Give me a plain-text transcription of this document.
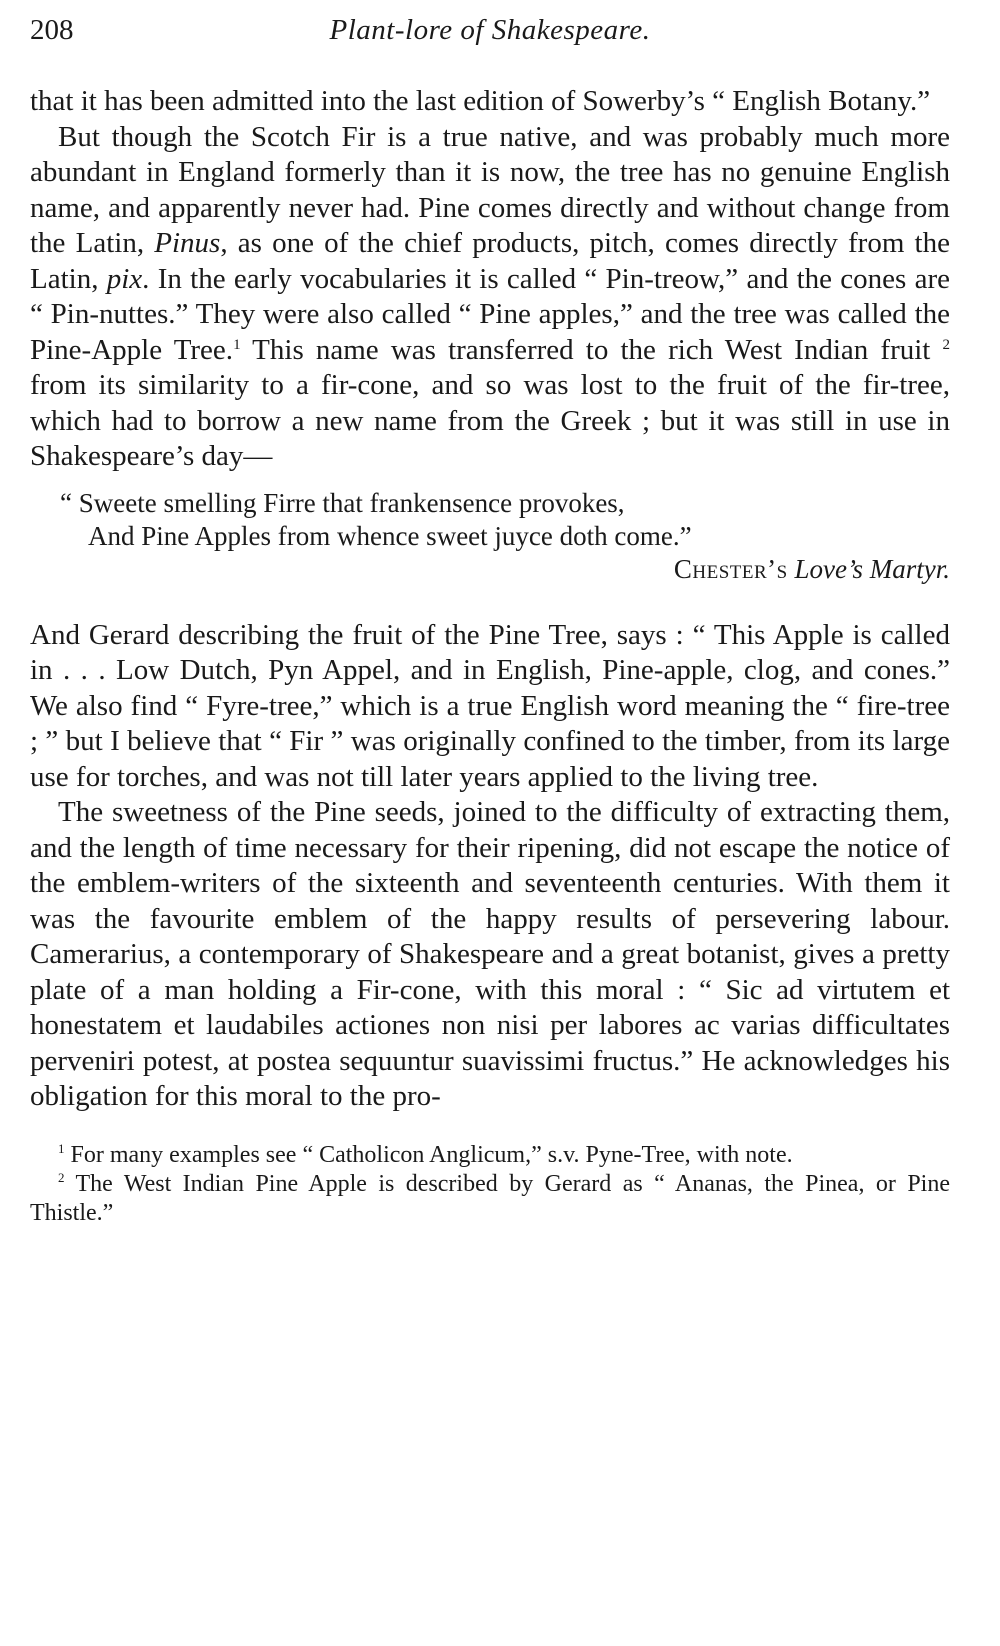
208	Plant-lore of Shakespeare.

that it has been admitted into the last edition of Sowerby’s “ English Botany.”

But though the Scotch Fir is a true native, and was probably much more abundant in England formerly than it is now, the tree has no genuine English name, and apparently never had. Pine comes directly and without change from the Latin, Pinus, as one of the chief products, pitch, comes directly from the Latin, pix. In the early vocabularies it is called “ Pin-treow,” and the cones are “ Pin-nuttes.” They were also called “ Pine apples,” and the tree was called the Pine-Apple Tree.$^1$ This name was transferred to the rich West Indian fruit $^2$ from its similarity to a fir-cone, and so was lost to the fruit of the fir-tree, which had to borrow a new name from the Greek ; but it was still in use in Shakespeare’s day—

“ Sweete smelling Firre that frankensence provokes,
And Pine Apples from whence sweet juyce doth come.”
Chester’s Love’s Martyr.

And Gerard describing the fruit of the Pine Tree, says : “ This Apple is called in . . . Low Dutch, Pyn Appel, and in English, Pine-apple, clog, and cones.” We also find “ Fyre-tree,” which is a true English word meaning the “ fire-tree ; ” but I believe that “ Fir ” was originally confined to the timber, from its large use for torches, and was not till later years applied to the living tree.

The sweetness of the Pine seeds, joined to the difficulty of extracting them, and the length of time necessary for their ripening, did not escape the notice of the emblem-writers of the sixteenth and seventeenth centuries. With them it was the favourite emblem of the happy results of persevering labour. Camerarius, a contemporary of Shakespeare and a great botanist, gives a pretty plate of a man holding a Fir-cone, with this moral : “ Sic ad virtutem et honestatem et laudabiles actiones non nisi per labores ac varias difficultates perveniri potest, at postea sequuntur suavissimi fructus.” He acknowledges his obligation for this moral to the pro-

$^1$ For many examples see “ Catholicon Anglicum,” s.v. Pyne-Tree, with note.

$^2$ The West Indian Pine Apple is described by Gerard as “ Ananas, the Pinea, or Pine Thistle.”
